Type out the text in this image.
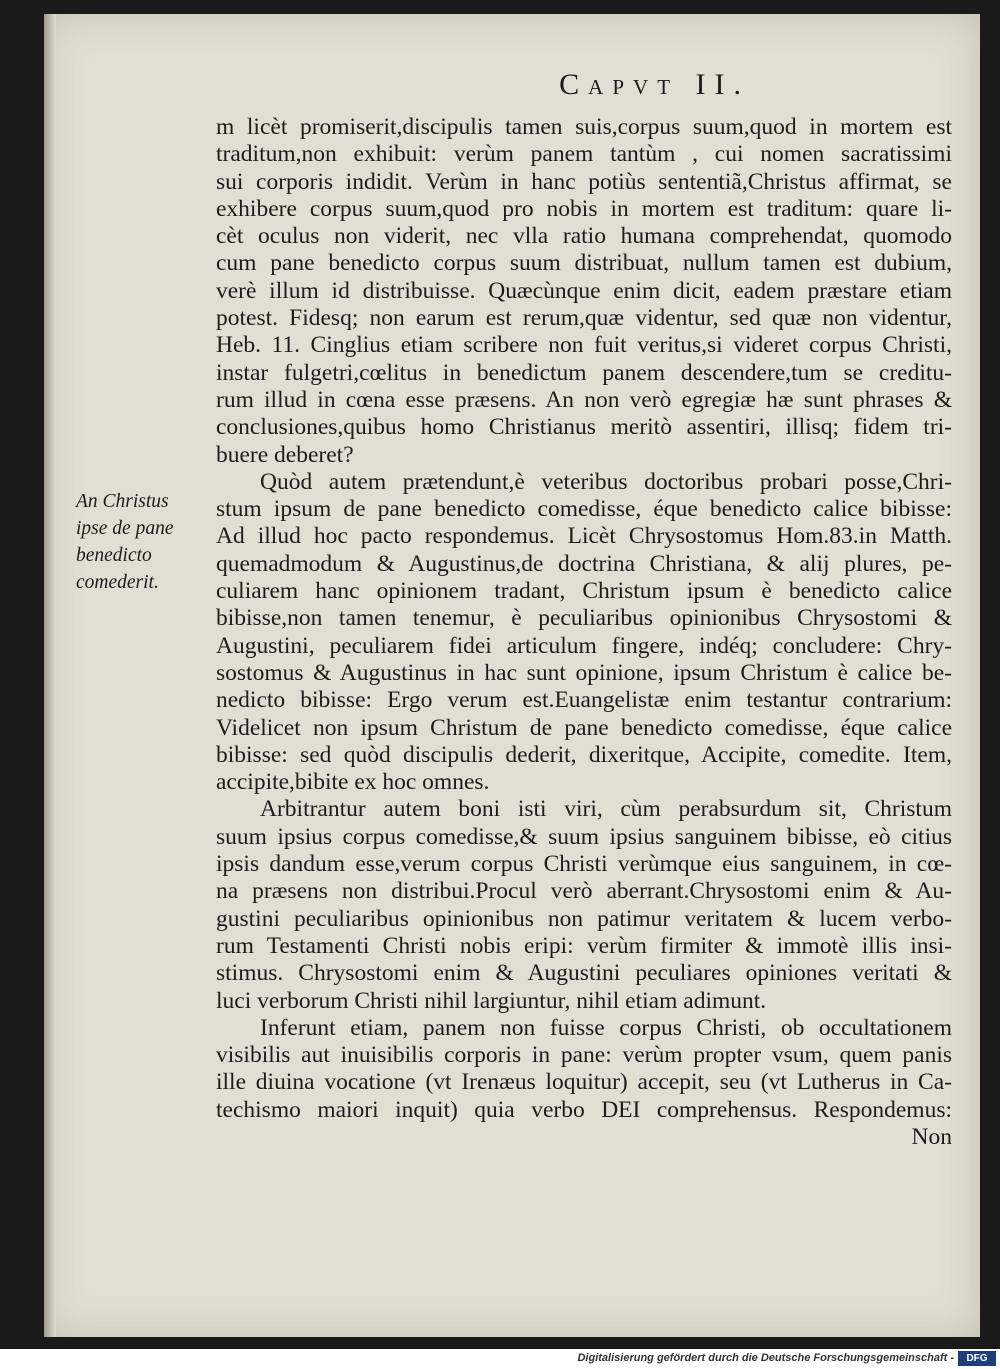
Capvt II.
m licèt promiserit,discipulis tamen suis,corpus suum,quod in mortem est
traditum,non exhibuit: verùm panem tantùm , cui nomen sacratissimi
sui corporis indidit. Verùm in hanc potiùs sententiã,Christus affirmat, se
exhibere corpus suum,quod pro nobis in mortem est traditum: quare li-
cèt oculus non viderit, nec vlla ratio humana comprehendat, quomodo
cum pane benedicto corpus suum distribuat, nullum tamen est dubium,
verè illum id distribuisse. Quæcùnque enim dicit, eadem præstare etiam
potest. Fidesq; non earum est rerum,quæ videntur, sed quæ non videntur,
Heb. 11. Cinglius etiam scribere non fuit veritus,si videret corpus Christi,
instar fulgetri,cœlitus in benedictum panem descendere,tum se creditu-
rum illud in cœna esse præsens. An non verò egregiæ hæ sunt phrases &
conclusiones,quibus homo Christianus meritò assentiri, illisq; fidem tri-
buere deberet?
Quòd autem prætendunt,è veteribus doctoribus probari posse,Chri-
stum ipsum de pane benedicto comedisse, éque benedicto calice bibisse:
Ad illud hoc pacto respondemus. Licèt Chrysostomus Hom.83.in Matth.
quemadmodum & Augustinus,de doctrina Christiana, & alij plures, pe-
culiarem hanc opinionem tradant, Christum ipsum è benedicto calice
bibisse,non tamen tenemur, è peculiaribus opinionibus Chrysostomi &
Augustini, peculiarem fidei articulum fingere, indéq; concludere: Chry-
sostomus & Augustinus in hac sunt opinione, ipsum Christum è calice be-
nedicto bibisse: Ergo verum est.Euangelistæ enim testantur contrarium:
Videlicet non ipsum Christum de pane benedicto comedisse, éque calice
bibisse: sed quòd discipulis dederit, dixeritque, Accipite, comedite. Item,
accipite,bibite ex hoc omnes.
Arbitrantur autem boni isti viri, cùm perabsurdum sit, Christum
suum ipsius corpus comedisse,& suum ipsius sanguinem bibisse, eò citius
ipsis dandum esse,verum corpus Christi verùmque eius sanguinem, in cœ-
na præsens non distribui.Procul verò aberrant.Chrysostomi enim & Au-
gustini peculiaribus opinionibus non patimur veritatem & lucem verbo-
rum Testamenti Christi nobis eripi: verùm firmiter & immotè illis insi-
stimus. Chrysostomi enim & Augustini peculiares opiniones veritati &
luci verborum Christi nihil largiuntur, nihil etiam adimunt.
Inferunt etiam, panem non fuisse corpus Christi, ob occultationem
visibilis aut inuisibilis corporis in pane: verùm propter vsum, quem panis
ille diuina vocatione (vt Irenæus loquitur) accepit, seu (vt Lutherus in Ca-
techismo maiori inquit) quia verbo DEI comprehensus. Respondemus:
Non
An Christus
ipse de pane
benedicto
comederit.
Digitalisierung gefördert durch die Deutsche Forschungsgemeinschaft -	DFG
